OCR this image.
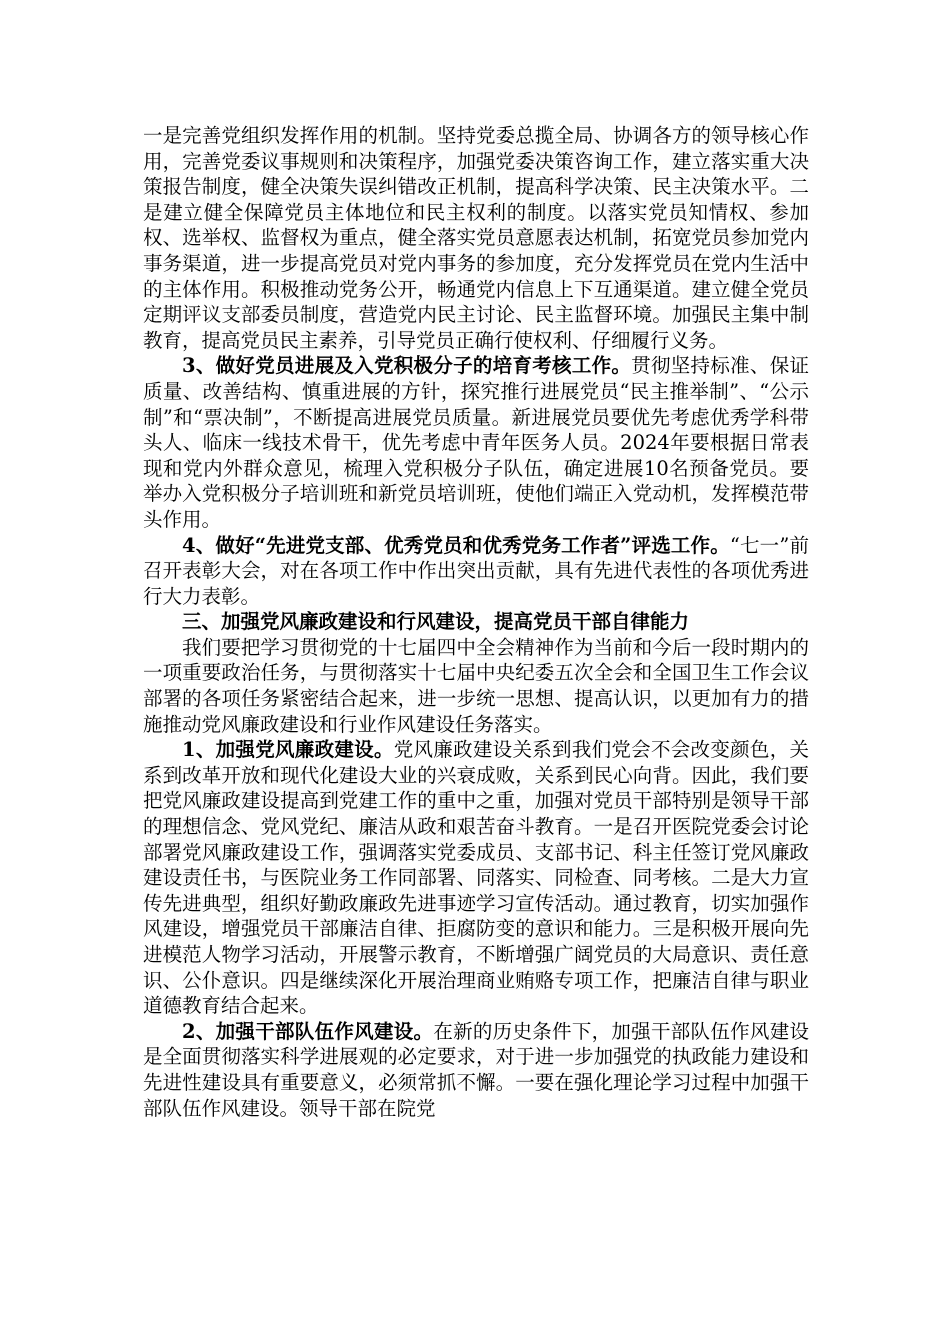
一是完善党组织发挥作用的机制。坚持党委总揽全局、协调各方的领导核心作用，完善党委议事规则和决策程序，加强党委决策咨询工作，建立落实重大决策报告制度，健全决策失误纠错改正机制，提高科学决策、民主决策水平。二是建立健全保障党员主体地位和民主权利的制度。以落实党员知情权、参加权、选举权、监督权为重点，健全落实党员意愿表达机制，拓宽党员参加党内事务渠道，进一步提高党员对党内事务的参加度，充分发挥党员在党内生活中的主体作用。积极推动党务公开，畅通党内信息上下互通渠道。建立健全党员定期评议支部委员制度，营造党内民主讨论、民主监督环境。加强民主集中制教育，提高党员民主素养，引导党员正确行使权利、仔细履行义务。

3、做好党员进展及入党积极分子的培育考核工作。贯彻坚持标准、保证质量、改善结构、慎重进展的方针，探究推行进展党员“民主推举制”、“公示制”和“票决制”，不断提高进展党员质量。新进展党员要优先考虑优秀学科带头人、临床一线技术骨干，优先考虑中青年医务人员。2024年要根据日常表现和党内外群众意见，梳理入党积极分子队伍，确定进展10名预备党员。要举办入党积极分子培训班和新党员培训班，使他们端正入党动机，发挥模范带头作用。

4、做好“先进党支部、优秀党员和优秀党务工作者”评选工作。“七一”前召开表彰大会，对在各项工作中作出突出贡献，具有先进代表性的各项优秀进行大力表彰。

三、加强党风廉政建设和行风建设，提高党员干部自律能力

我们要把学习贯彻党的十七届四中全会精神作为当前和今后一段时期内的一项重要政治任务，与贯彻落实十七届中央纪委五次全会和全国卫生工作会议部署的各项任务紧密结合起来，进一步统一思想、提高认识，以更加有力的措施推动党风廉政建设和行业作风建设任务落实。

1、加强党风廉政建设。党风廉政建设关系到我们党会不会改变颜色，关系到改革开放和现代化建设大业的兴衰成败，关系到民心向背。因此，我们要把党风廉政建设提高到党建工作的重中之重，加强对党员干部特别是领导干部的理想信念、党风党纪、廉洁从政和艰苦奋斗教育。一是召开医院党委会讨论部署党风廉政建设工作，强调落实党委成员、支部书记、科主任签订党风廉政建设责任书，与医院业务工作同部署、同落实、同检查、同考核。二是大力宣传先进典型，组织好勤政廉政先进事迹学习宣传活动。通过教育，切实加强作风建设，增强党员干部廉洁自律、拒腐防变的意识和能力。三是积极开展向先进模范人物学习活动，开展警示教育，不断增强广阔党员的大局意识、责任意识、公仆意识。四是继续深化开展治理商业贿赂专项工作，把廉洁自律与职业道德教育结合起来。

2、加强干部队伍作风建设。在新的历史条件下，加强干部队伍作风建设是全面贯彻落实科学进展观的必定要求，对于进一步加强党的执政能力建设和先进性建设具有重要意义，必须常抓不懈。一要在强化理论学习过程中加强干部队伍作风建设。领导干部在院党
